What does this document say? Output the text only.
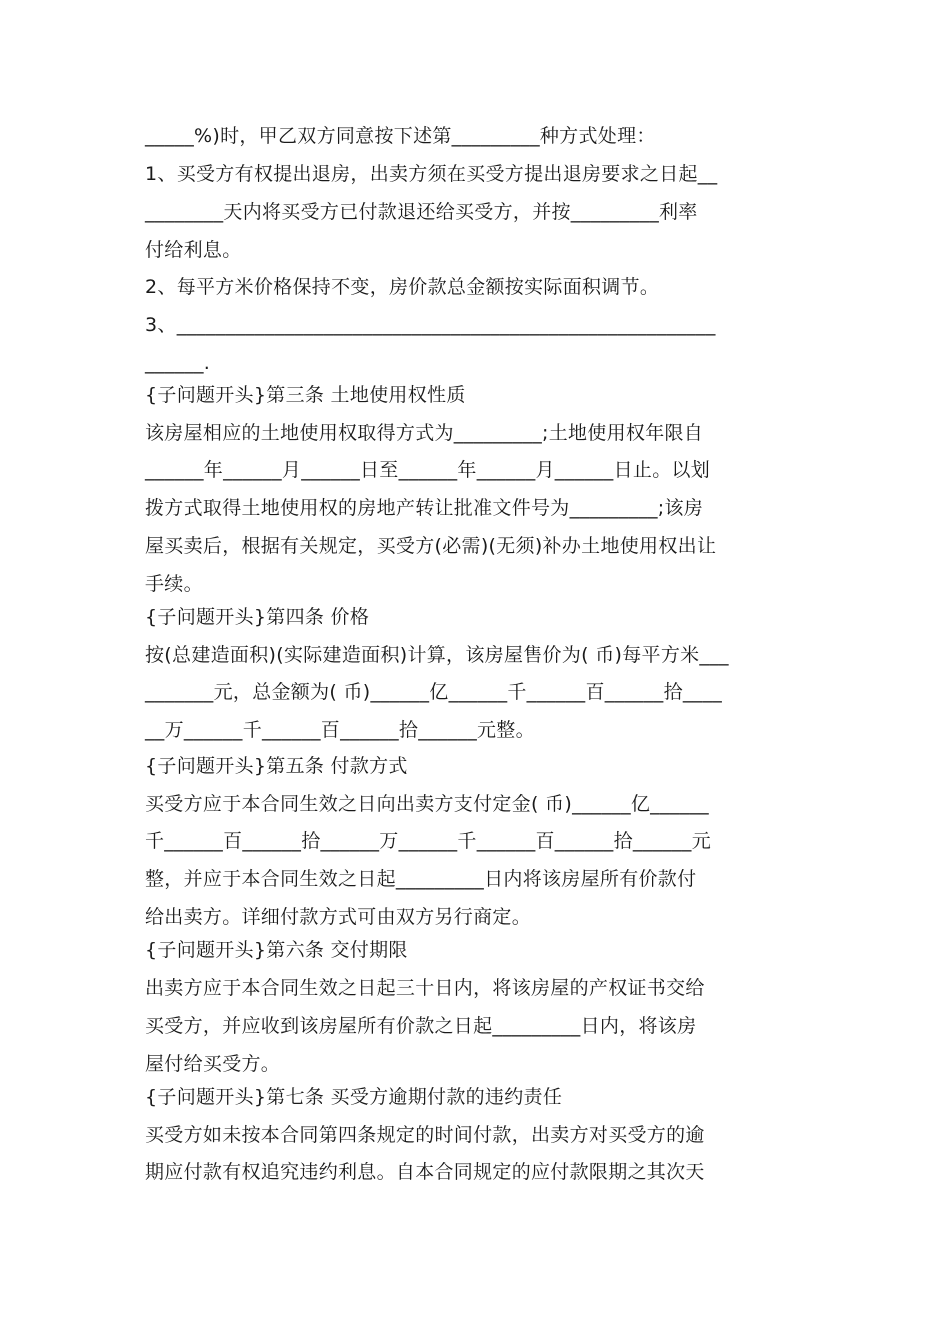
_____%)时，甲乙双方同意按下述第_________种方式处理：
1、买受方有权提出退房，出卖方须在买受方提出退房要求之日起__
________天内将买受方已付款退还给买受方，并按_________利率
付给利息。
2、每平方米价格保持不变，房价款总金额按实际面积调节。
3、_______________________________________________________
______.
{子问题开头}第三条 土地使用权性质
该房屋相应的土地使用权取得方式为_________;土地使用权年限自
______年______月______日至______年______月______日止。以划
拨方式取得土地使用权的房地产转让批准文件号为_________;该房
屋买卖后，根据有关规定，买受方(必需)(无须)补办土地使用权出让
手续。
{子问题开头}第四条 价格
按(总建造面积)(实际建造面积)计算，该房屋售价为( 币)每平方米___
_______元，总金额为( 币)______亿______千______百______拾____
__万______千______百______拾______元整。
{子问题开头}第五条 付款方式
买受方应于本合同生效之日向出卖方支付定金( 币)______亿______
千______百______拾______万______千______百______拾______元
整，并应于本合同生效之日起_________日内将该房屋所有价款付
给出卖方。详细付款方式可由双方另行商定。
{子问题开头}第六条 交付期限
出卖方应于本合同生效之日起三十日内，将该房屋的产权证书交给
买受方，并应收到该房屋所有价款之日起_________日内，将该房
屋付给买受方。
{子问题开头}第七条 买受方逾期付款的违约责任
买受方如未按本合同第四条规定的时间付款，出卖方对买受方的逾
期应付款有权追究违约利息。自本合同规定的应付款限期之其次天
